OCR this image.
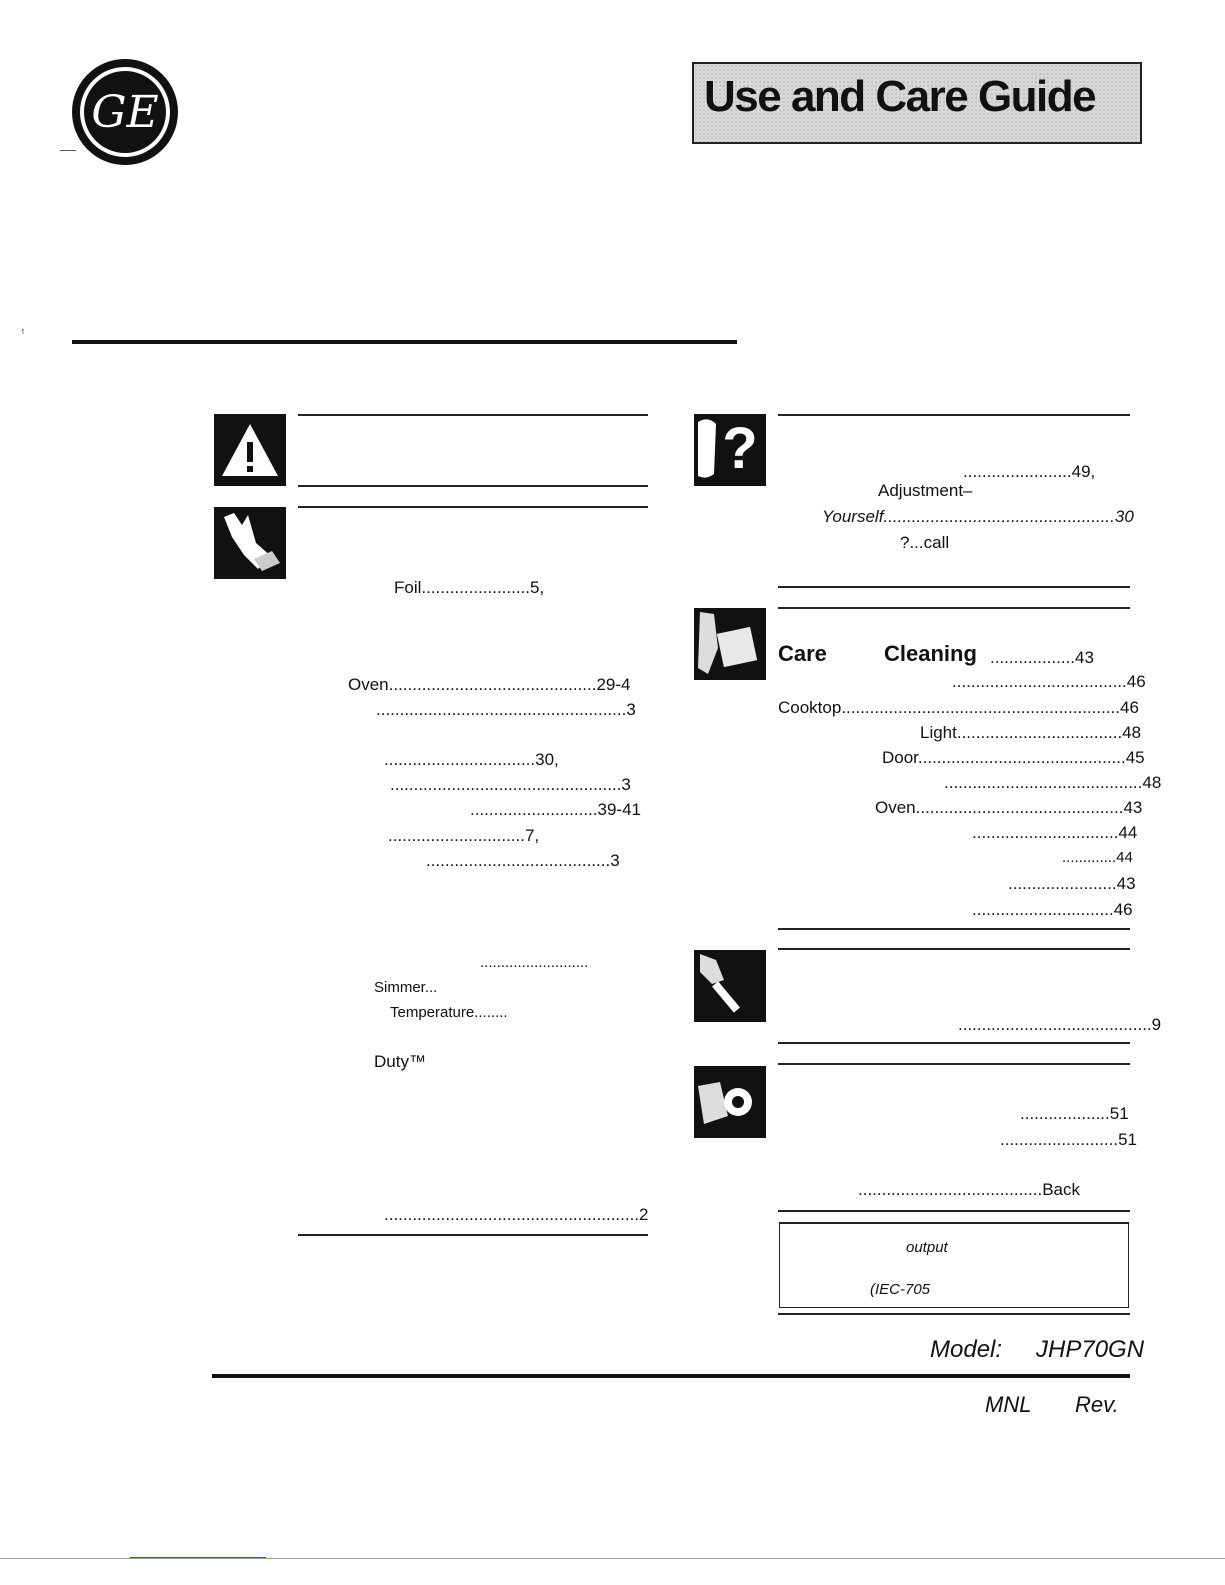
GE	Use and Care Guide
ᵗ
Foil.......................5,
Oven............................................29-4
.....................................................3
................................30,
.................................................3
...........................39-41
.............................7,
.......................................3
..........................
Simmer...
Temperature........
Duty™
......................................................2
?	.......................49,
Adjustment–
Yourself.................................................30
?...call
Care	Cleaning ..................43
.....................................46
Cooktop...........................................................46
Light...................................48
Door............................................45
..........................................48
Oven............................................43
...............................44
.............44
.......................43
..............................46
.........................................9
...................51
.........................51
.......................................Back
output
(IEC-705
Model: JHP70GN
MNL Rev.
